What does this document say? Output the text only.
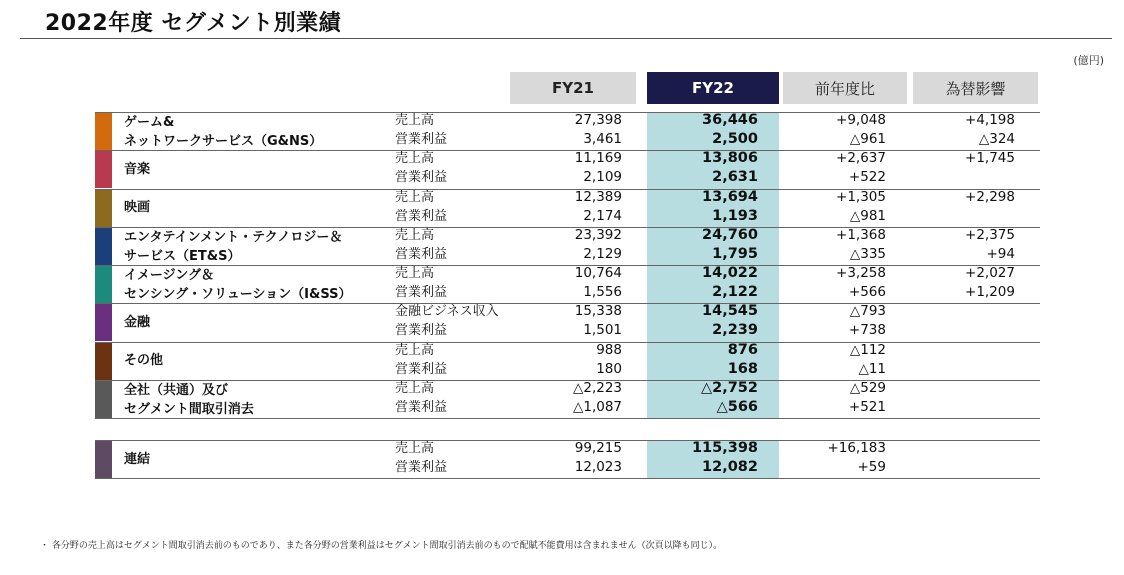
2022年度 セグメント別業績
(億円)
FY21	FY22	前年度比	為替影響
ゲーム&
ネットワークサービス（G&NS）
売上高	27,398	36,446	+9,048	+4,198
営業利益	3,461	2,500	△961	△324
音楽
売上高	11,169	13,806	+2,637	+1,745
営業利益	2,109	2,631	+522
映画
売上高	12,389	13,694	+1,305	+2,298
営業利益	2,174	1,193	△981
エンタテインメント・テクノロジー＆
サービス（ET&S）
売上高	23,392	24,760	+1,368	+2,375
営業利益	2,129	1,795	△335	+94
イメージング＆
センシング・ソリューション（I&SS）
売上高	10,764	14,022	+3,258	+2,027
営業利益	1,556	2,122	+566	+1,209
金融
金融ビジネス収入	15,338	14,545	△793
営業利益	1,501	2,239	+738
その他
売上高	988	876	△112
営業利益	180	168	△11
全社（共通）及び
セグメント間取引消去
売上高	△2,223	△2,752	△529
営業利益	△1,087	△566	+521
連結
売上高	99,215	115,398	+16,183
営業利益	12,023	12,082	+59
・ 各分野の売上高はセグメント間取引消去前のものであり、また各分野の営業利益はセグメント間取引消去前のもので配賦不能費用は含まれません（次頁以降も同じ）。
